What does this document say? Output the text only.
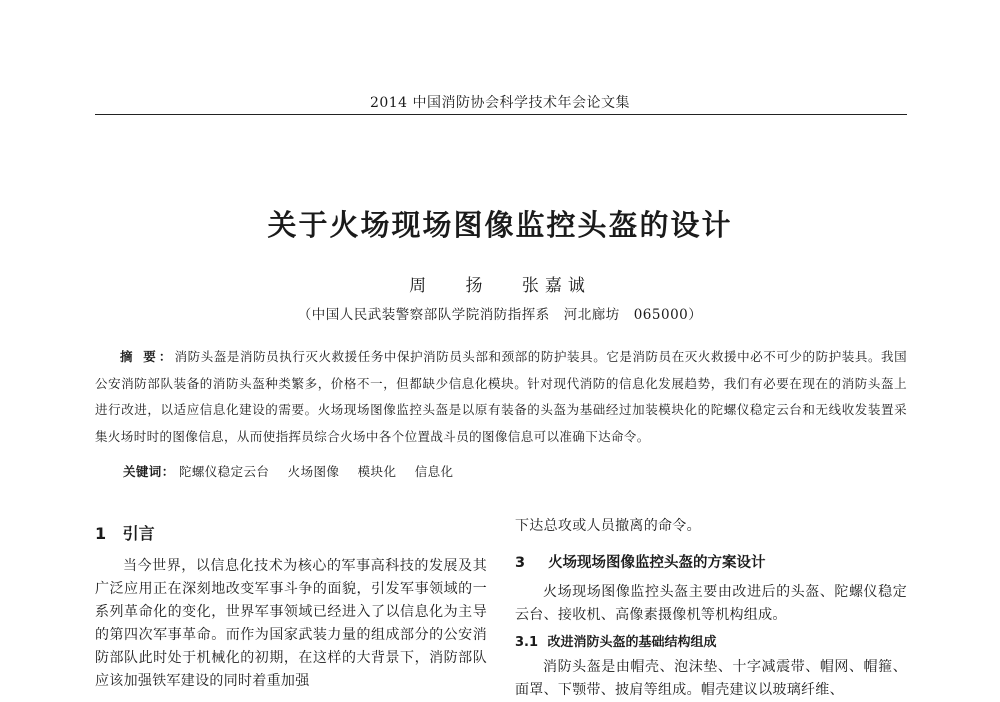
2014 中国消防协会科学技术年会论文集
关于火场现场图像监控头盔的设计
周 扬 张嘉诚
（中国人民武装警察部队学院消防指挥系　河北廊坊　065000）

摘 要：消防头盔是消防员执行灭火救援任务中保护消防员头部和颈部的防护装具。它是消防员在灭火救援中必不可少的防护装具。我国公安消防部队装备的消防头盔种类繁多，价格不一，但都缺少信息化模块。针对现代消防的信息化发展趋势，我们有必要在现在的消防头盔上进行改进，以适应信息化建设的需要。火场现场图像监控头盔是以原有装备的头盔为基础经过加装模块化的陀螺仪稳定云台和无线收发装置采集火场时时的图像信息，从而使指挥员综合火场中各个位置战斗员的图像信息可以准确下达命令。

关键词： 陀螺仪稳定云台 火场图像 模块化 信息化
1 引言

当今世界，以信息化技术为核心的军事高科技的发展及其广泛应用正在深刻地改变军事斗争的面貌，引发军事领域的一系列革命化的变化，世界军事领域已经进入了以信息化为主导的第四次军事革命。而作为国家武装力量的组成部分的公安消防部队此时处于机械化的初期，在这样的大背景下，消防部队应该加强铁军建设的同时着重加强

下达总攻或人员撤离的命令。

3 火场现场图像监控头盔的方案设计

火场现场图像监控头盔主要由改进后的头盔、陀螺仪稳定云台、接收机、高像素摄像机等机构组成。

3.1 改进消防头盔的基础结构组成

消防头盔是由帽壳、泡沫垫、十字减震带、帽网、帽箍、面罩、下颚带、披肩等组成。帽壳建议以玻璃纤维、
